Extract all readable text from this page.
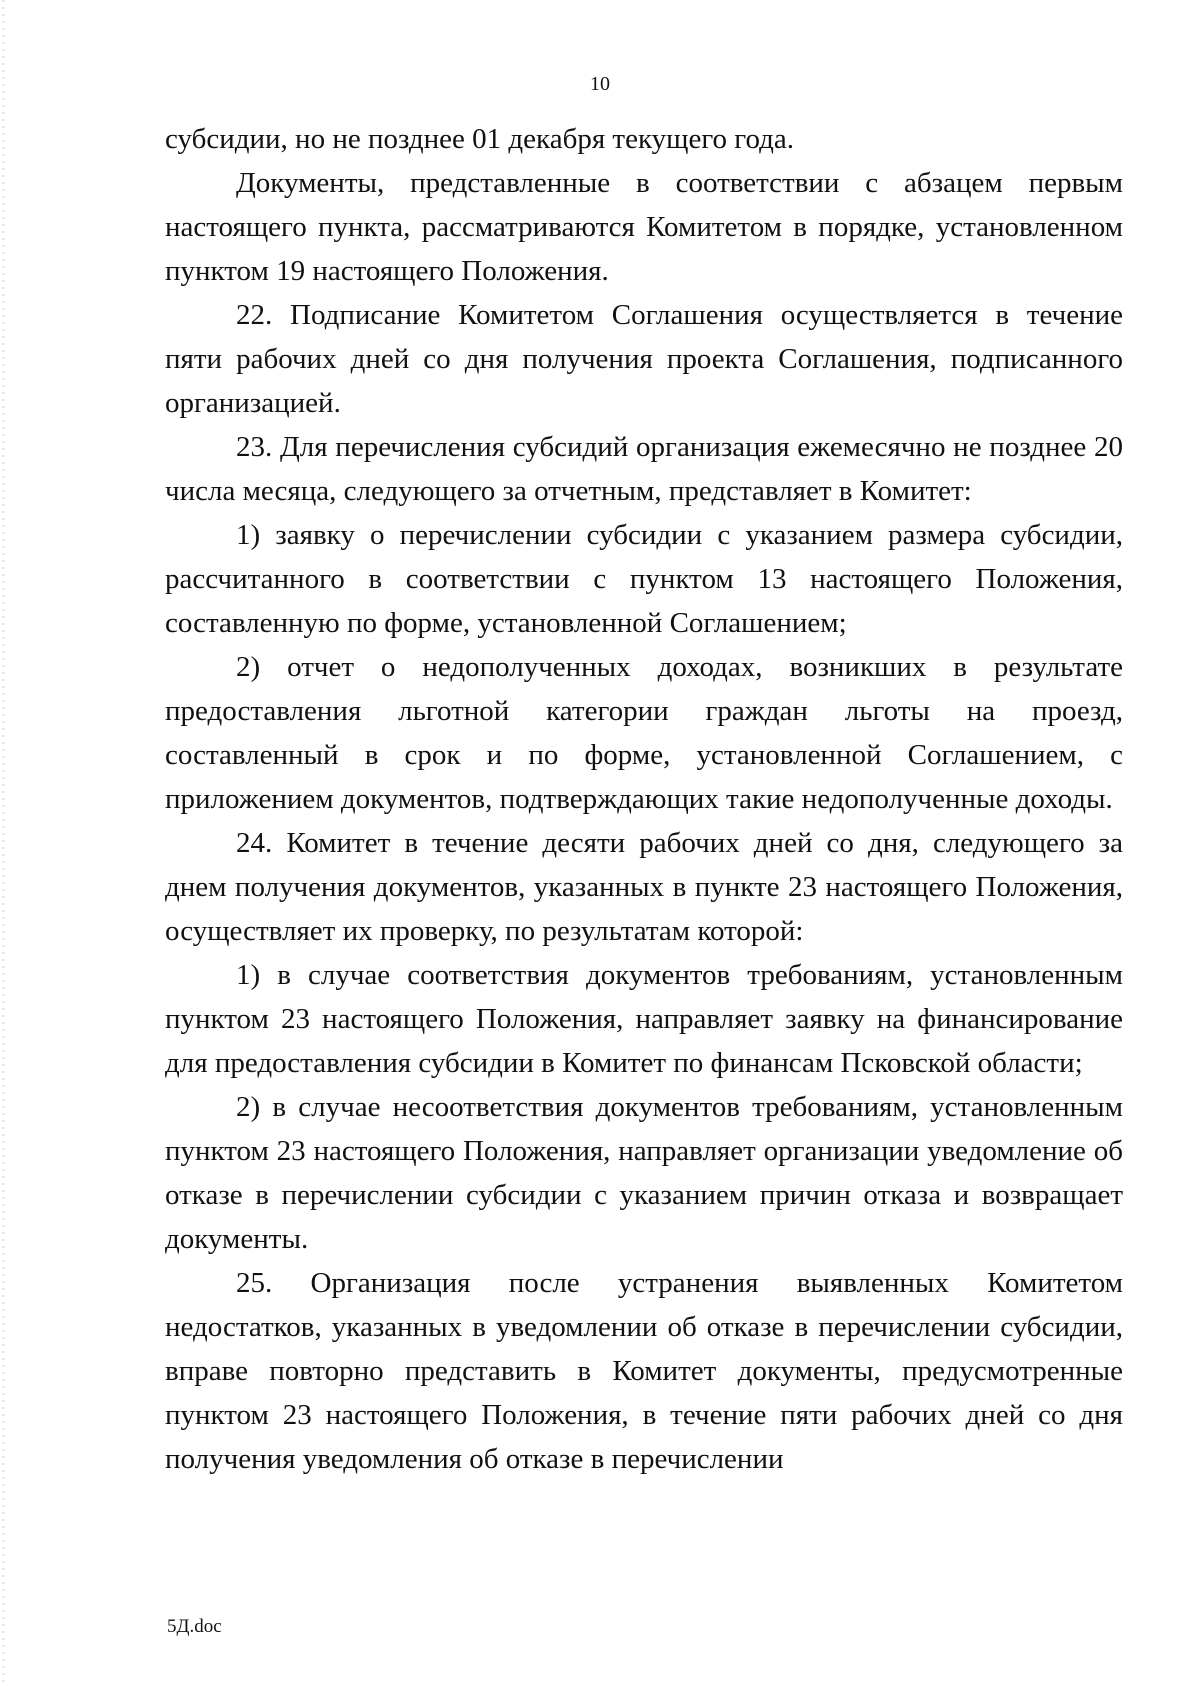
10

субсидии, но не позднее 01 декабря текущего года.

Документы, представленные в соответствии с абзацем первым настоящего пункта, рассматриваются Комитетом в порядке, установленном пунктом 19 настоящего Положения.

22. Подписание Комитетом Соглашения осуществляется в течение пяти рабочих дней со дня получения проекта Соглашения, подписанного организацией.

23. Для перечисления субсидий организация ежемесячно не позднее 20 числа месяца, следующего за отчетным, представляет в Комитет:

1) заявку о перечислении субсидии с указанием размера субсидии, рассчитанного в соответствии с пунктом 13 настоящего Положения, составленную по форме, установленной Соглашением;

2) отчет о недополученных доходах, возникших в результате предоставления льготной категории граждан льготы на проезд, составленный в срок и по форме, установленной Соглашением, с приложением документов, подтверждающих такие недополученные доходы.

24. Комитет в течение десяти рабочих дней со дня, следующего за днем получения документов, указанных в пункте 23 настоящего Положения, осуществляет их проверку, по результатам которой:

1) в случае соответствия документов требованиям, установленным пунктом 23 настоящего Положения, направляет заявку на финансирование для предоставления субсидии в Комитет по финансам Псковской области;

2) в случае несоответствия документов требованиям, установленным пунктом 23 настоящего Положения, направляет организации уведомление об отказе в перечислении субсидии с указанием причин отказа и возвращает документы.

25. Организация после устранения выявленных Комитетом недостатков, указанных в уведомлении об отказе в перечислении субсидии, вправе повторно представить в Комитет документы, предусмотренные пунктом 23 настоящего Положения, в течение пяти рабочих дней со дня получения уведомления об отказе в перечислении

5Д.doc
